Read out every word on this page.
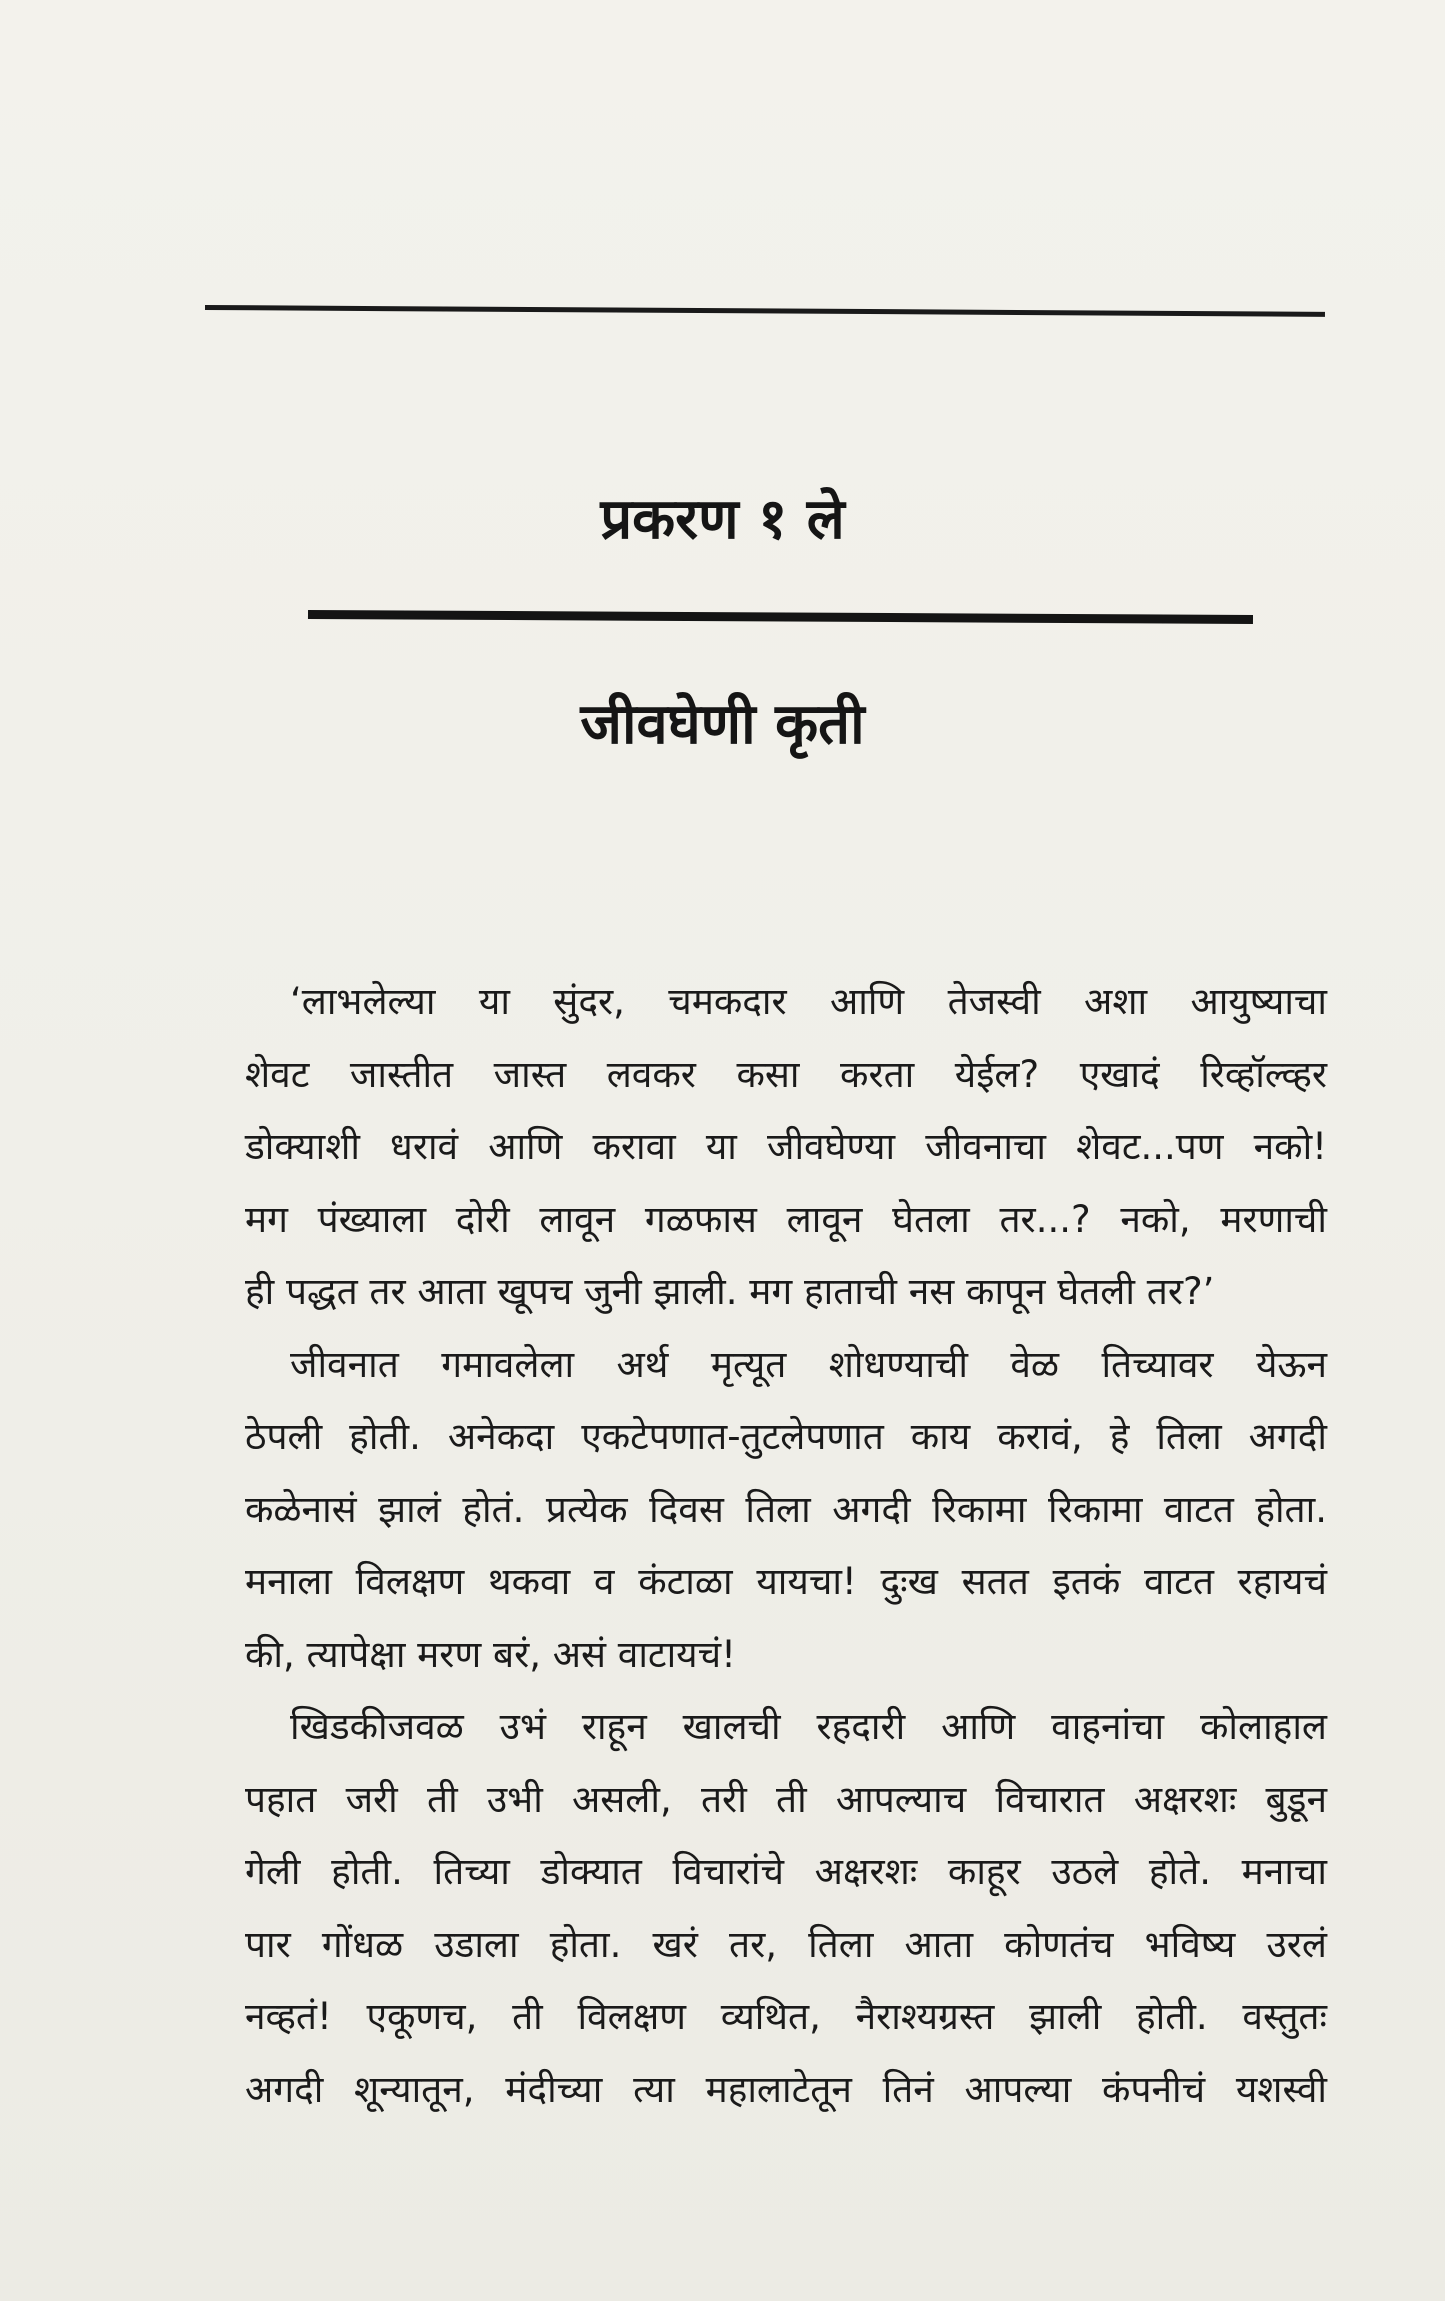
प्रकरण १ ले
जीवघेणी कृती

‘लाभलेल्या या सुंदर, चमकदार आणि तेजस्वी अशा आयुष्याचा
शेवट जास्तीत जास्त लवकर कसा करता येईल? एखादं रिव्हॉल्व्हर
डोक्याशी धरावं आणि करावा या जीवघेण्या जीवनाचा शेवट...पण नको!
मग पंख्याला दोरी लावून गळफास लावून घेतला तर...? नको, मरणाची
ही पद्धत तर आता खूपच जुनी झाली. मग हाताची नस कापून घेतली तर?’

जीवनात गमावलेला अर्थ मृत्यूत शोधण्याची वेळ तिच्यावर येऊन
ठेपली होती. अनेकदा एकटेपणात-तुटलेपणात काय करावं, हे तिला अगदी
कळेनासं झालं होतं. प्रत्येक दिवस तिला अगदी रिकामा रिकामा वाटत होता.
मनाला विलक्षण थकवा व कंटाळा यायचा! दुःख सतत इतकं वाटत रहायचं
की, त्यापेक्षा मरण बरं, असं वाटायचं!

खिडकीजवळ उभं राहून खालची रहदारी आणि वाहनांचा कोलाहाल
पहात जरी ती उभी असली, तरी ती आपल्याच विचारात अक्षरशः बुडून
गेली होती. तिच्या डोक्यात विचारांचे अक्षरशः काहूर उठले होते. मनाचा
पार गोंधळ उडाला होता. खरं तर, तिला आता कोणतंच भविष्य उरलं
नव्हतं! एकूणच, ती विलक्षण व्यथित, नैराश्यग्रस्त झाली होती. वस्तुतः
अगदी शून्यातून, मंदीच्या त्या महालाटेतून तिनं आपल्या कंपनीचं यशस्वी
